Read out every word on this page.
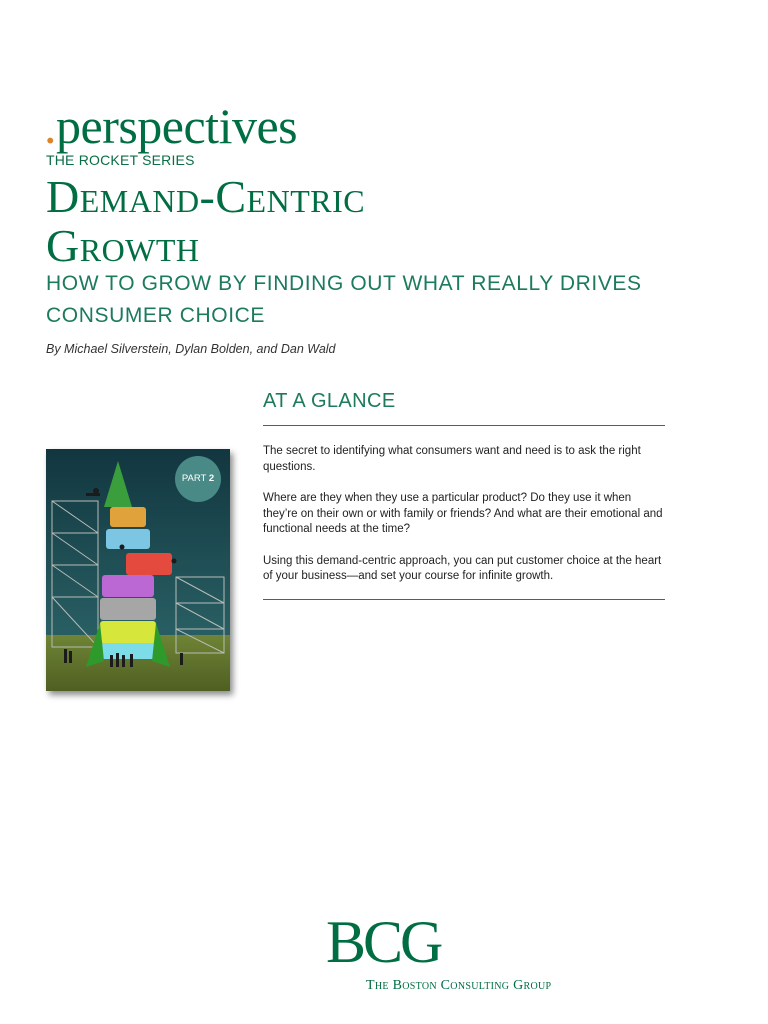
.perspectives
THE ROCKET SERIES
Demand-Centric
Growth
HOW TO GROW BY FINDING OUT WHAT REALLY DRIVES
CONSUMER CHOICE
By Michael Silverstein, Dylan Bolden, and Dan Wald
AT A GLANCE

The secret to identifying what consumers want and need is to ask the right questions.

Where are they when they use a particular product? Do they use it when they’re on their own or with family or friends? And what are their emotional and functional needs at the time?

Using this demand-centric approach, you can put customer choice at the heart of your business—and set your course for infinite growth.

PART 2
BCG
The Boston Consulting Group
